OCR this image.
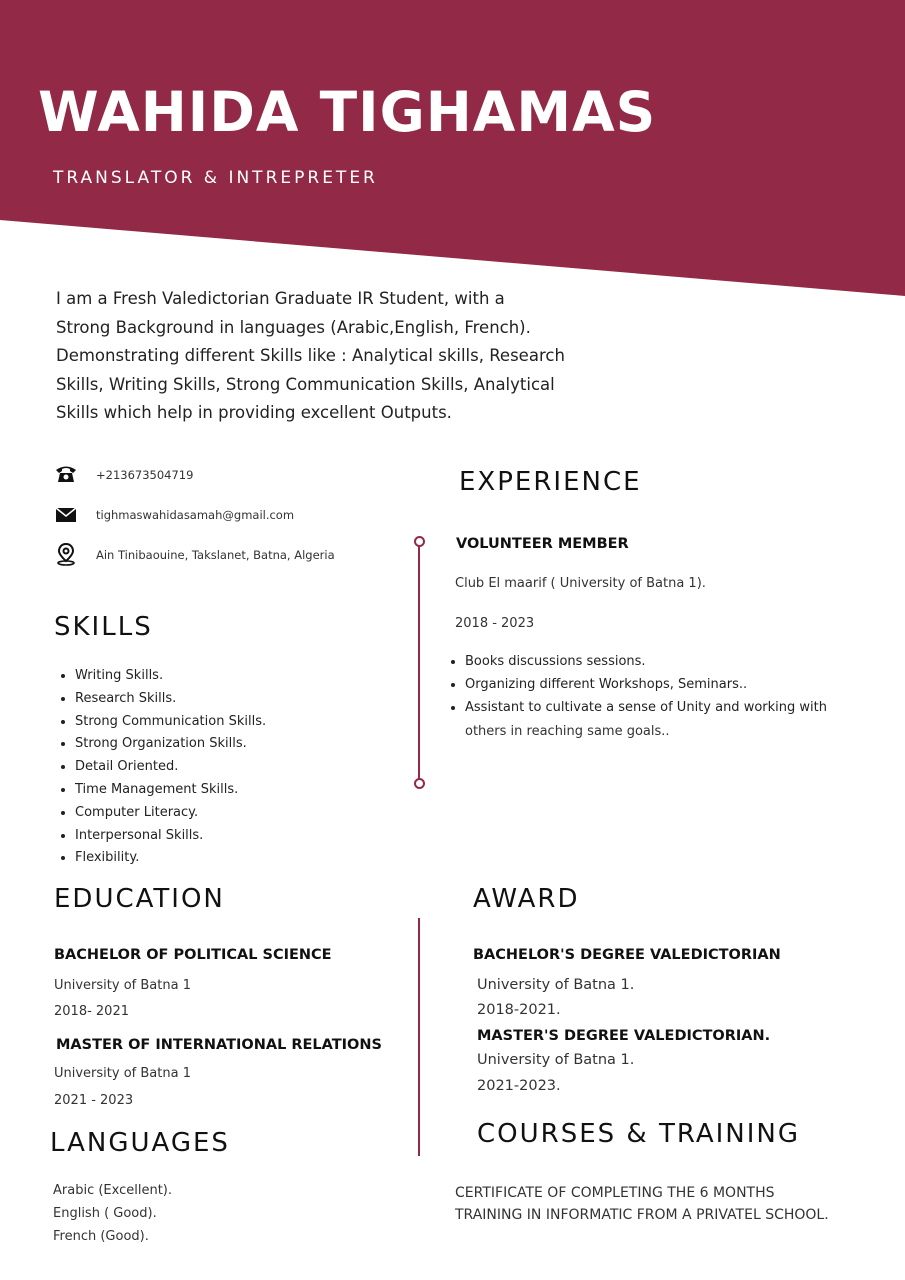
WAHIDA TIGHAMAS

TRANSLATOR & INTREPRETER

I am a Fresh Valedictorian Graduate IR Student, with a
Strong Background in languages (Arabic,English, French).
Demonstrating different Skills like : Analytical skills, Research
Skills, Writing Skills, Strong Communication Skills, Analytical
Skills which help in providing excellent Outputs.
+213673504719
tighmaswahidasamah@gmail.com
Ain Tinibaouine, Takslanet, Batna, Algeria
SKILLS
• Writing Skills.
• Research Skills.
• Strong Communication Skills.
• Strong Organization Skills.
• Detail Oriented.
• Time Management Skills.
• Computer Literacy.
• Interpersonal Skills.
• Flexibility.
EXPERIENCE

VOLUNTEER MEMBER

Club El maarif ( University of Batna 1).

2018 - 2023

• Books discussions sessions.
• Organizing different Workshops, Seminars..
• Assistant to cultivate a sense of Unity and working with

others in reaching same goals..

EDUCATION

BACHELOR OF POLITICAL SCIENCE

University of Batna 1

2018- 2021

MASTER OF INTERNATIONAL RELATIONS

University of Batna 1

2021 - 2023

AWARD

BACHELOR'S DEGREE VALEDICTORIAN

University of Batna 1.

2018-2021.

MASTER'S DEGREE VALEDICTORIAN.

University of Batna 1.

2021-2023.

LANGUAGES

Arabic (Excellent).

English ( Good).

French (Good).

COURSES & TRAINING
CERTIFICATE OF COMPLETING THE 6 MONTHS
TRAINING IN INFORMATIC FROM A PRIVATEL SCHOOL.
